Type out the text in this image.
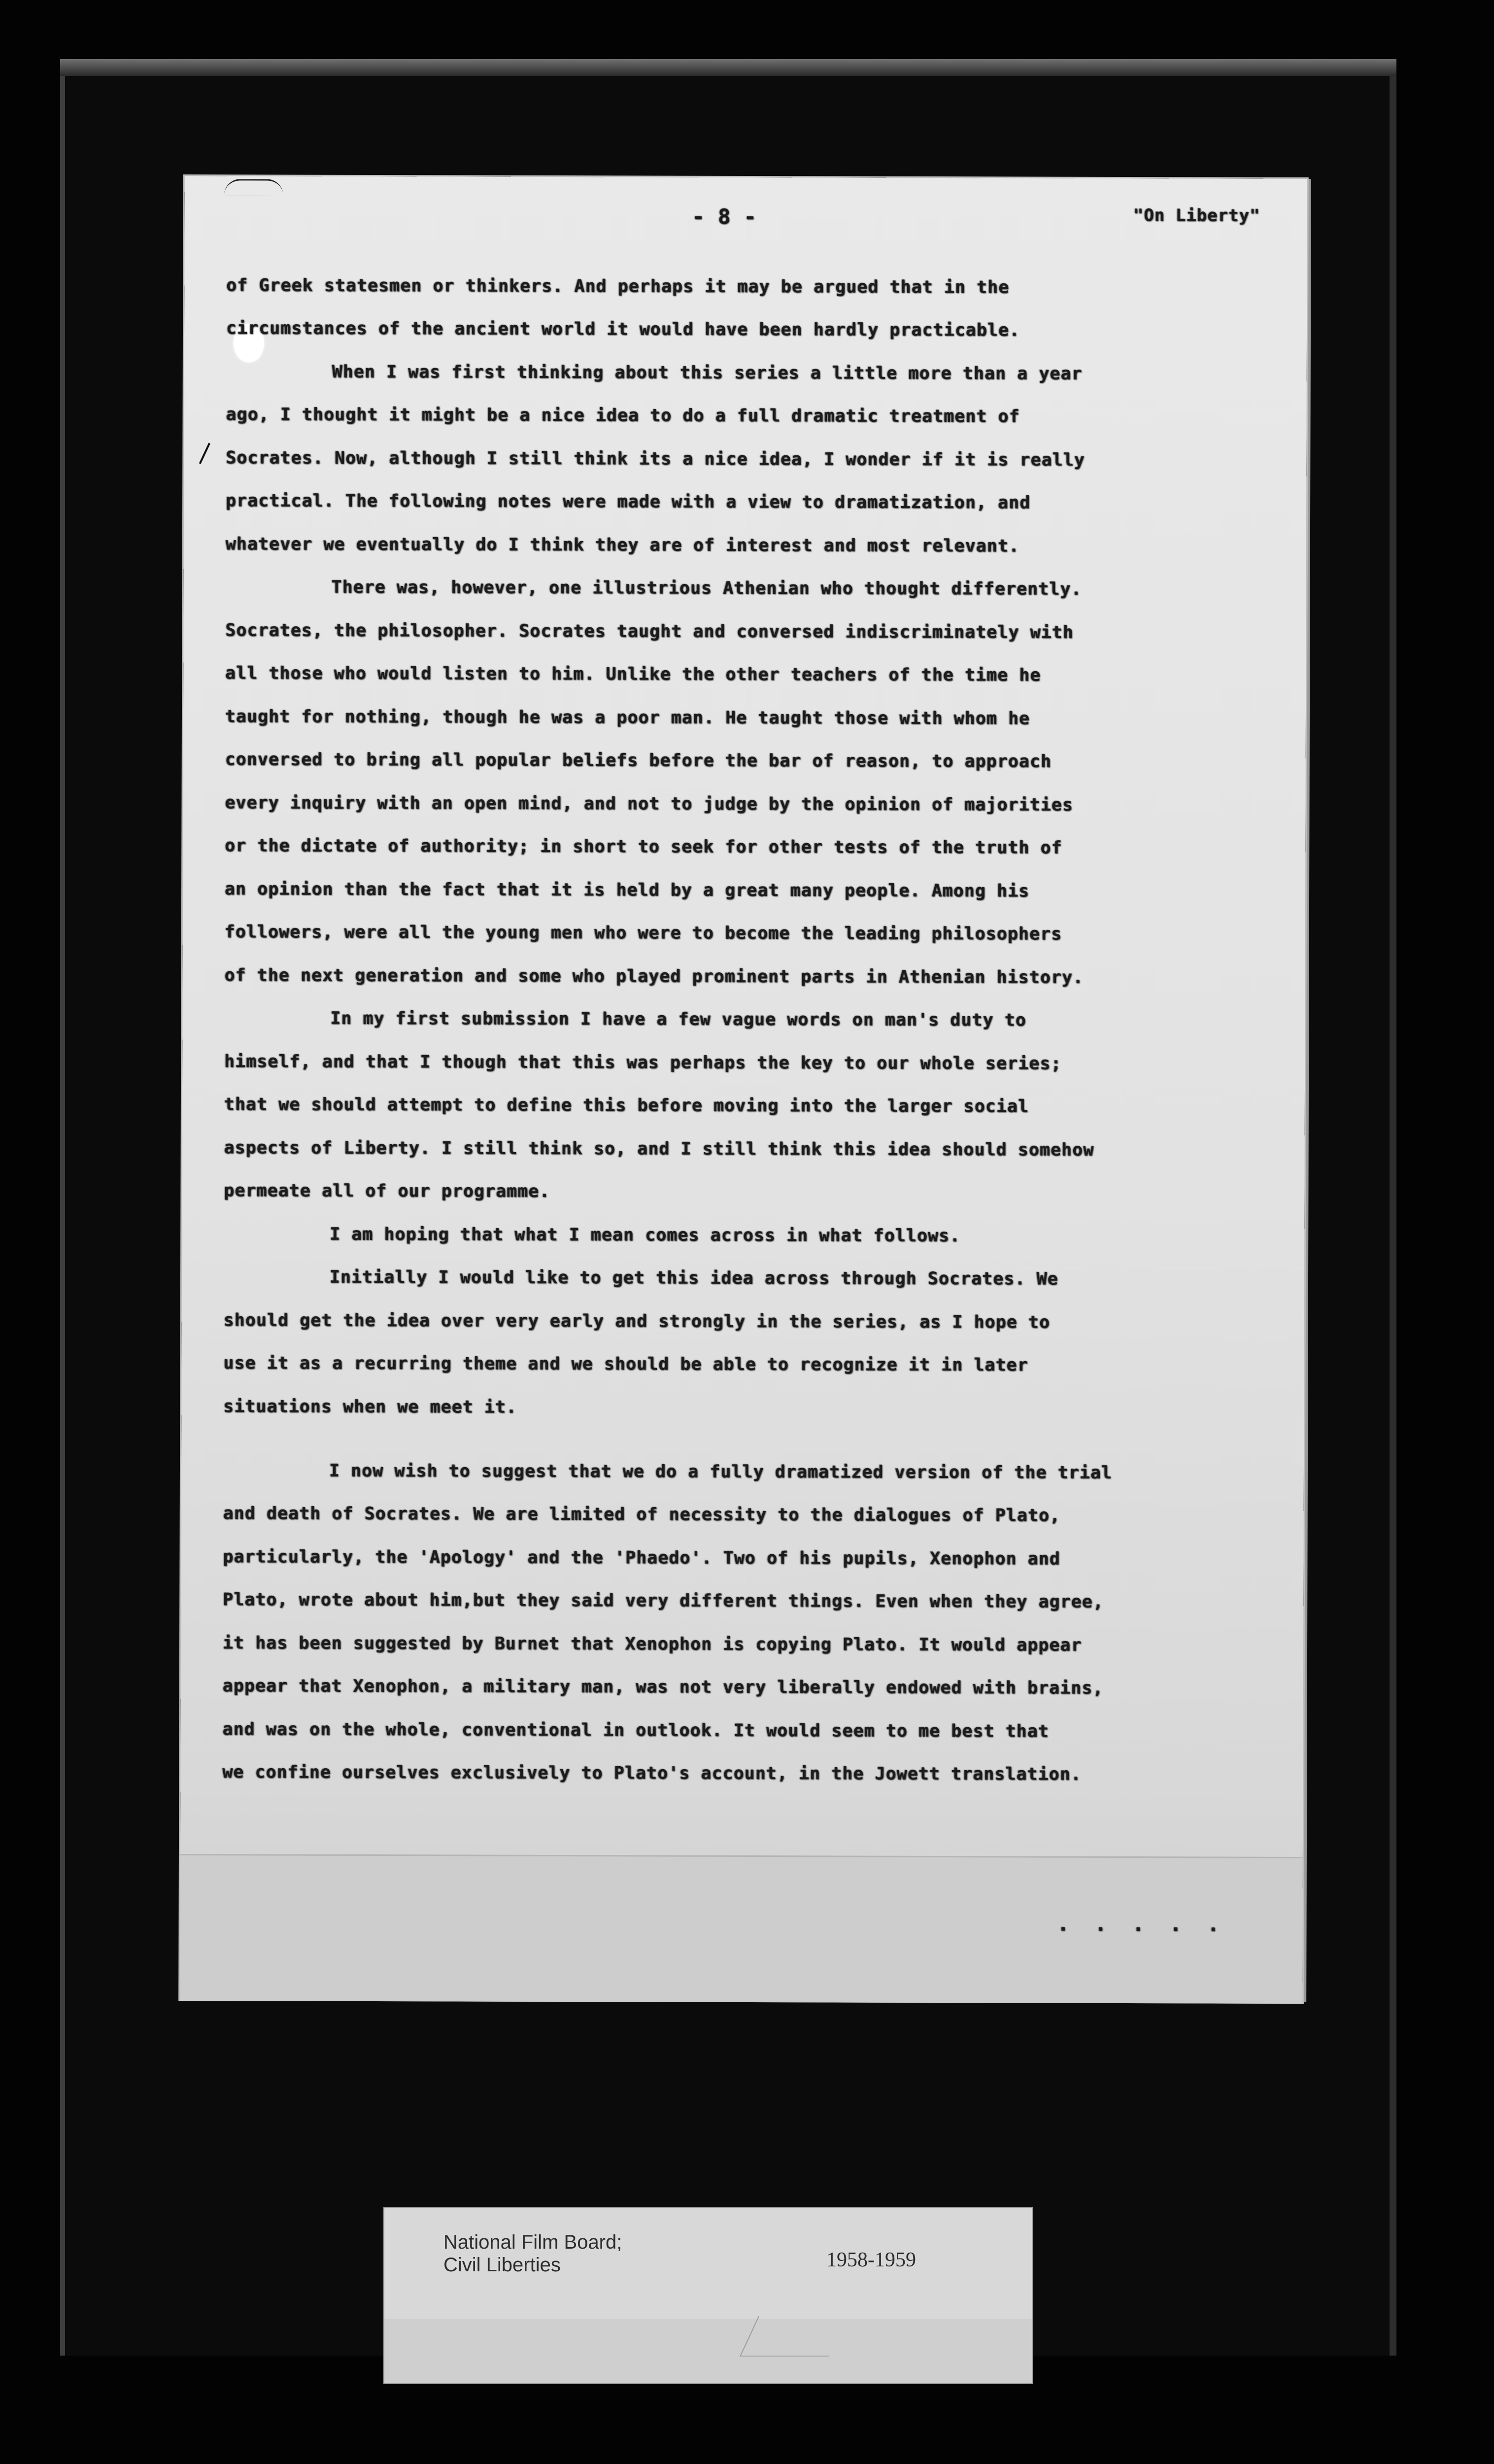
- 8 -	"On Liberty"
of Greek statesmen or thinkers. And perhaps it may be argued that in the
circumstances of the ancient world it would have been hardly practicable.
When I was first thinking about this series a little more than a year
ago, I thought it might be a nice idea to do a full dramatic treatment of
Socrates. Now, although I still think its a nice idea, I wonder if it is really
practical. The following notes were made with a view to dramatization, and
whatever we eventually do I think they are of interest and most relevant.
There was, however, one illustrious Athenian who thought differently.
Socrates, the philosopher. Socrates taught and conversed indiscriminately with
all those who would listen to him. Unlike the other teachers of the time he
taught for nothing, though he was a poor man. He taught those with whom he
conversed to bring all popular beliefs before the bar of reason, to approach
every inquiry with an open mind, and not to judge by the opinion of majorities
or the dictate of authority; in short to seek for other tests of the truth of
an opinion than the fact that it is held by a great many people. Among his
followers, were all the young men who were to become the leading philosophers
of the next generation and some who played prominent parts in Athenian history.
In my first submission I have a few vague words on man's duty to
himself, and that I though that this was perhaps the key to our whole series;
that we should attempt to define this before moving into the larger social
aspects of Liberty. I still think so, and I still think this idea should somehow
permeate all of our programme.
I am hoping that what I mean comes across in what follows.
Initially I would like to get this idea across through Socrates. We
should get the idea over very early and strongly in the series, as I hope to
use it as a recurring theme and we should be able to recognize it in later
situations when we meet it.
I now wish to suggest that we do a fully dramatized version of the trial
and death of Socrates. We are limited of necessity to the dialogues of Plato,
particularly, the 'Apology' and the 'Phaedo'. Two of his pupils, Xenophon and
Plato, wrote about him,but they said very different things. Even when they agree,
it has been suggested by Burnet that Xenophon is copying Plato. It would appear
appear that Xenophon, a military man, was not very liberally endowed with brains,
and was on the whole, conventional in outlook. It would seem to me best that
we confine ourselves exclusively to Plato's account, in the Jowett translation.
. . . . .
National Film Board;
Civil Liberties	1958-1959
